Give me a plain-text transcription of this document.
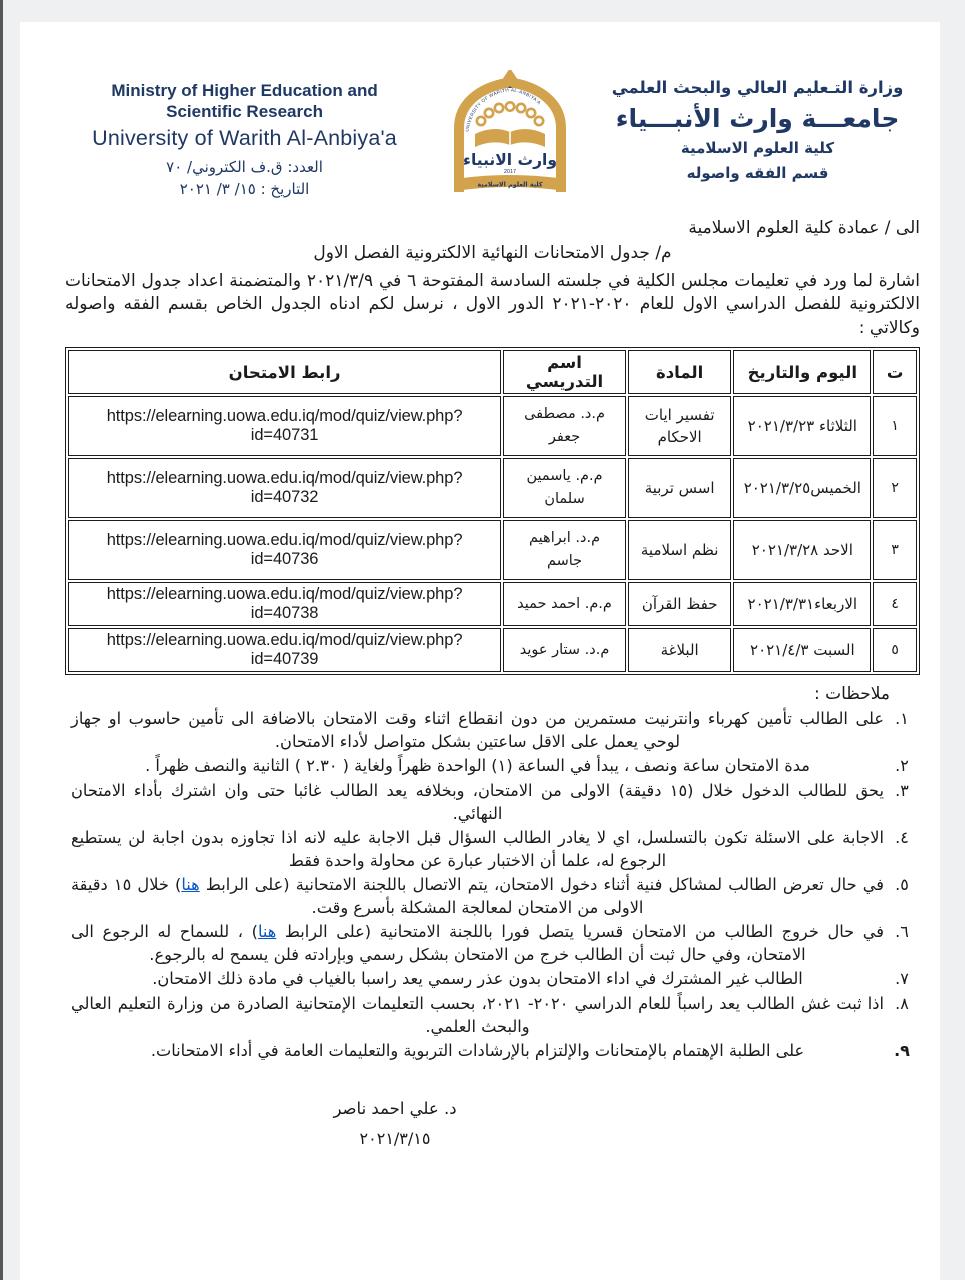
Ministry of Higher Education and
Scientific Research
University of Warith Al-Anbiya'a
العدد: ق.ف الكتروني/ ٧٠
التاريخ : ١٥/ ٣/ ٢٠٢١
UNIVERSITY OF WARITH AL-ANBIYA'A
وارث الانبياء
2017
كلية العلوم الاسلامية
وزارة التـعليم العالي والبحث العلمي
جامعـــة وارث الأنبـــياء
كلية العلوم الاسلامية
قسم الفقه واصوله
الى / عمادة كلية العلوم الاسلامية
م/ جدول الامتحانات النهائية الالكترونية الفصل الاول

اشارة لما ورد في تعليمات مجلس الكلية في جلسته السادسة المفتوحة ٦ في ٢٠٢١/٣/٩ والمتضمنة اعداد جدول الامتحانات الالكترونية للفصل الدراسي الاول للعام ٢٠٢٠-٢٠٢١ الدور الاول ، نرسل لكم ادناه الجدول الخاص بقسم الفقه واصوله وكالاتي :

ت	اليوم والتاريخ	المادة	اسم التدريسي	رابط الامتحان
١	الثلاثاء ٢٠٢١/٣/٢٣	تفسير ايات الاحكام	م.د. مصطفى جعفر	https://elearning.uowa.edu.iq/mod/quiz/view.php?id=40731
٢	الخميس٢٠٢١/٣/٢٥	اسس تربية	م.م. ياسمين سلمان	https://elearning.uowa.edu.iq/mod/quiz/view.php?id=40732
٣	الاحد ٢٠٢١/٣/٢٨	نظم اسلامية	م.د. ابراهيم جاسم	https://elearning.uowa.edu.iq/mod/quiz/view.php?id=40736
٤	الاربعاء٢٠٢١/٣/٣١	حفظ القرآن	م.م. احمد حميد	https://elearning.uowa.edu.iq/mod/quiz/view.php?id=40738
٥	السبت ٢٠٢١/٤/٣	البلاغة	م.د. ستار عويد	https://elearning.uowa.edu.iq/mod/quiz/view.php?id=40739
ملاحظات :
١.
على الطالب تأمين كهرباء وانترنيت مستمرين من دون انقطاع اثناء وقت الامتحان بالاضافة الى تأمين حاسوب او جهاز لوحي يعمل على الاقل ساعتين بشكل متواصل لأداء الامتحان.
٢.
مدة الامتحان ساعة ونصف ، يبدأ في الساعة (١) الواحدة ظهراً ولغاية ( ٢.٣٠ ) الثانية والنصف ظهراً .
٣.
يحق للطالب الدخول خلال (١٥ دقيقة) الاولى من الامتحان، وبخلافه يعد الطالب غائبا حتى وان اشترك بأداء الامتحان النهائي.
٤.
الاجابة على الاسئلة تكون بالتسلسل، اي لا يغادر الطالب السؤال قبل الاجابة عليه لانه اذا تجاوزه بدون اجابة لن يستطيع الرجوع له، علما أن الاختبار عبارة عن محاولة واحدة فقط
٥.
في حال تعرض الطالب لمشاكل فنية أثناء دخول الامتحان، يتم الاتصال باللجنة الامتحانية (على الرابط هنا) خلال ١٥ دقيقة الاولى من الامتحان لمعالجة المشكلة بأسرع وقت.
٦.
في حال خروج الطالب من الامتحان قسريا يتصل فورا باللجنة الامتحانية (على الرابط هنا) ، للسماح له الرجوع الى الامتحان، وفي حال ثبت أن الطالب خرج من الامتحان بشكل رسمي وبإرادته فلن يسمح له بالرجوع.
٧.
الطالب غير المشترك في اداء الامتحان بدون عذر رسمي يعد راسبا بالغياب في مادة ذلك الامتحان.
٨.
اذا ثبت غش الطالب يعد راسباً للعام الدراسي ٢٠٢٠- ٢٠٢١، بحسب التعليمات الإمتحانية الصادرة من وزارة التعليم العالي والبحث العلمي.
٩.
على الطلبة الإهتمام بالإمتحانات والإلتزام بالإرشادات التربوية والتعليمات العامة في أداء الامتحانات.
د. علي احمد ناصر
٢٠٢١/٣/١٥
